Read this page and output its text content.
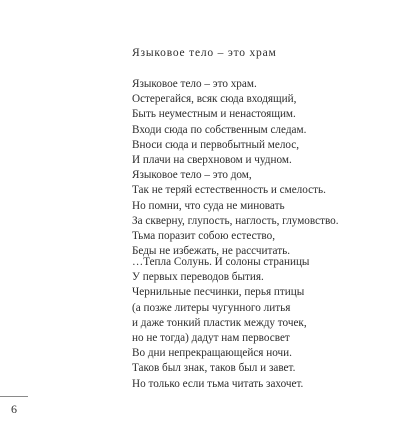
Языковое тело – это храм
Языковое тело – это храм.
Остерегайся, всяк сюда входящий,
Быть неуместным и ненастоящим.
Входи сюда по собственным следам.
Вноси сюда и первобытный мелос,
И плачи на сверхновом и чудном.
Языковое тело – это дом,
Так не теряй естественность и смелость.
Но помни, что суда не миновать
За скверну, глупость, наглость, глумовство.
Тьма поразит собою естество,
Беды не избежать, не рассчитать.
…Тепла Солунь. И солоны страницы
У первых переводов бытия.
Чернильные песчинки, перья птицы
(а позже литеры чугунного литья
и даже тонкий пластик между точек,
но не тогда) дадут нам первосвет
Во дни непрекращающейся ночи.
Таков был знак, таков был и завет.
Но только если тьма читать захочет.
6
